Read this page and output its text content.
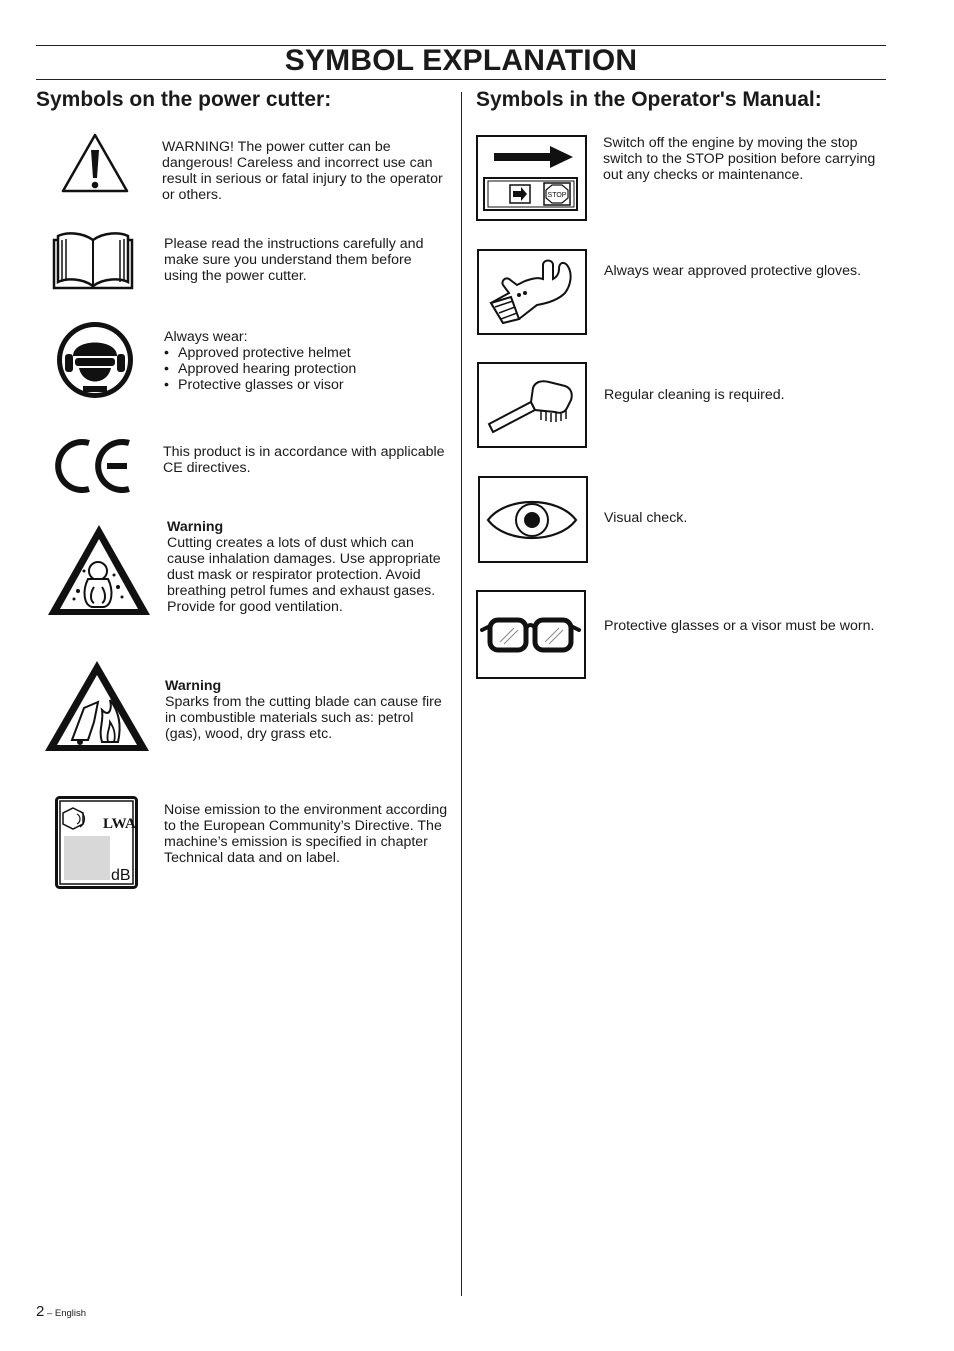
SYMBOL EXPLANATION
Symbols on the power cutter:	Symbols in the Operator's Manual:

WARNING! The power cutter can be dangerous! Careless and incorrect use can result in serious or fatal injury to the operator or others.

Please read the instructions carefully and make sure you understand them before using the power cutter.

Always wear:

• Approved protective helmet
• Approved hearing protection
• Protective glasses or visor

This product is in accordance with applicable CE directives.

Warning

Cutting creates a lots of dust which can cause inhalation damages. Use appropriate dust mask or respirator protection. Avoid breathing petrol fumes and exhaust gases. Provide for good ventilation.

Warning

Sparks from the cutting blade can cause fire in combustible materials such as: petrol (gas), wood, dry grass etc.

LWA
dB

Noise emission to the environment according to the European Community’s Directive. The machine’s emission is specified in chapter Technical data and on label.

STOP

Switch off the engine by moving the stop switch to the STOP position before carrying out any checks or maintenance.

Always wear approved protective gloves.

Regular cleaning is required.

Visual check.

Protective glasses or a visor must be worn.

2 – English
